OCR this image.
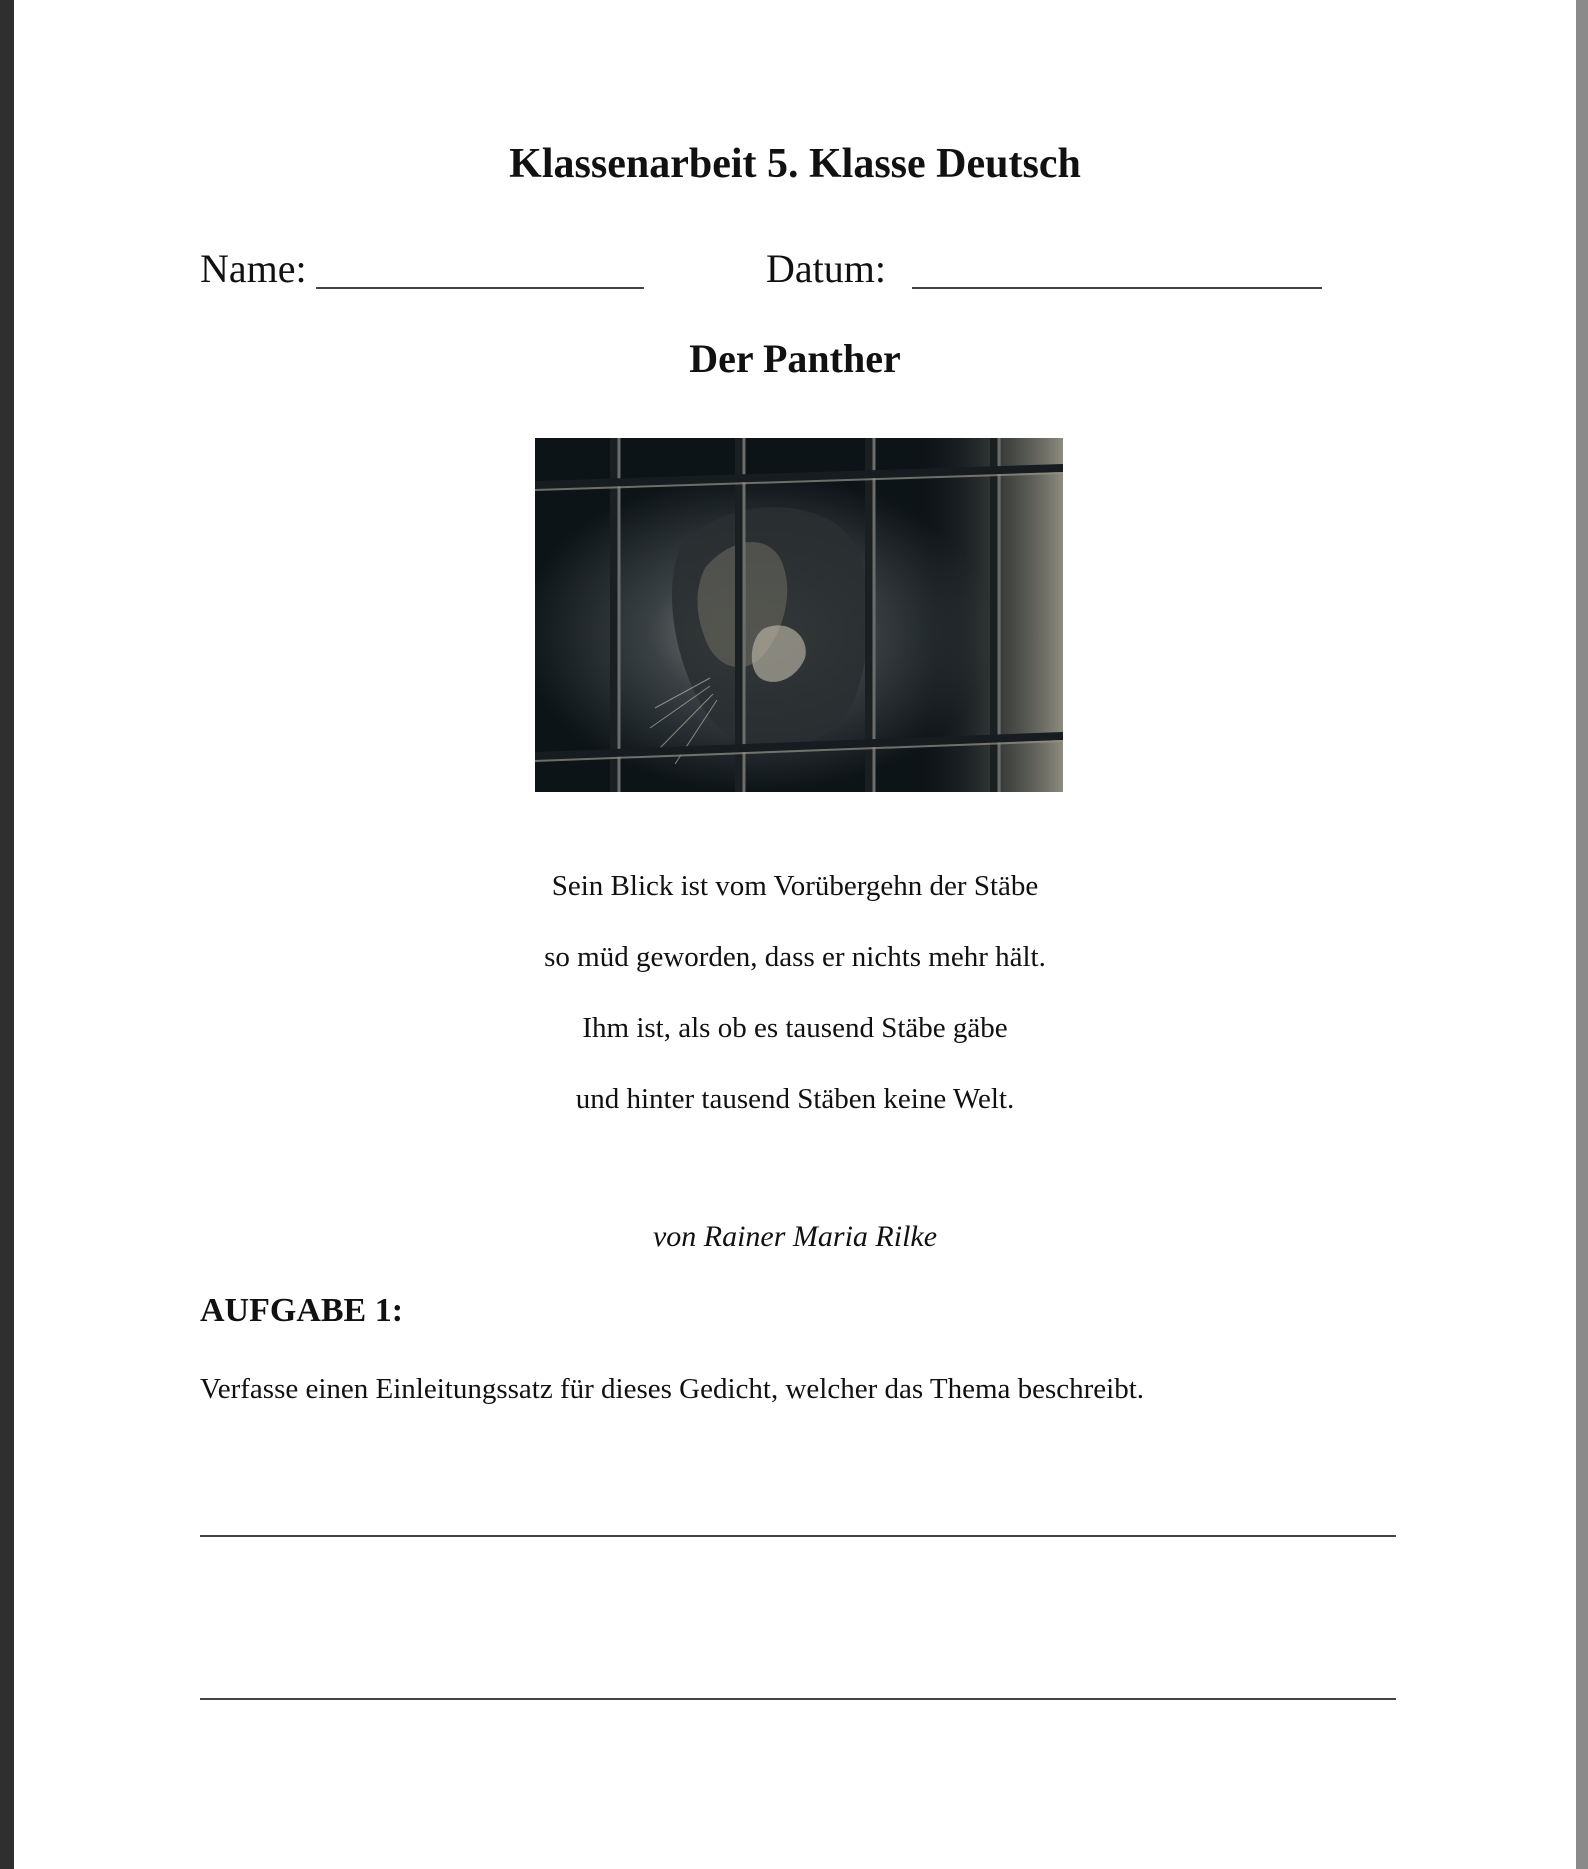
Klassenarbeit 5. Klasse Deutsch
Name:	Datum:
Der Panther
Sein Blick ist vom Vorübergehn der Stäbe
so müd geworden, dass er nichts mehr hält.
Ihm ist, als ob es tausend Stäbe gäbe
und hinter tausend Stäben keine Welt.
von Rainer Maria Rilke
AUFGABE 1:
Verfasse einen Einleitungssatz für dieses Gedicht, welcher das Thema beschreibt.
